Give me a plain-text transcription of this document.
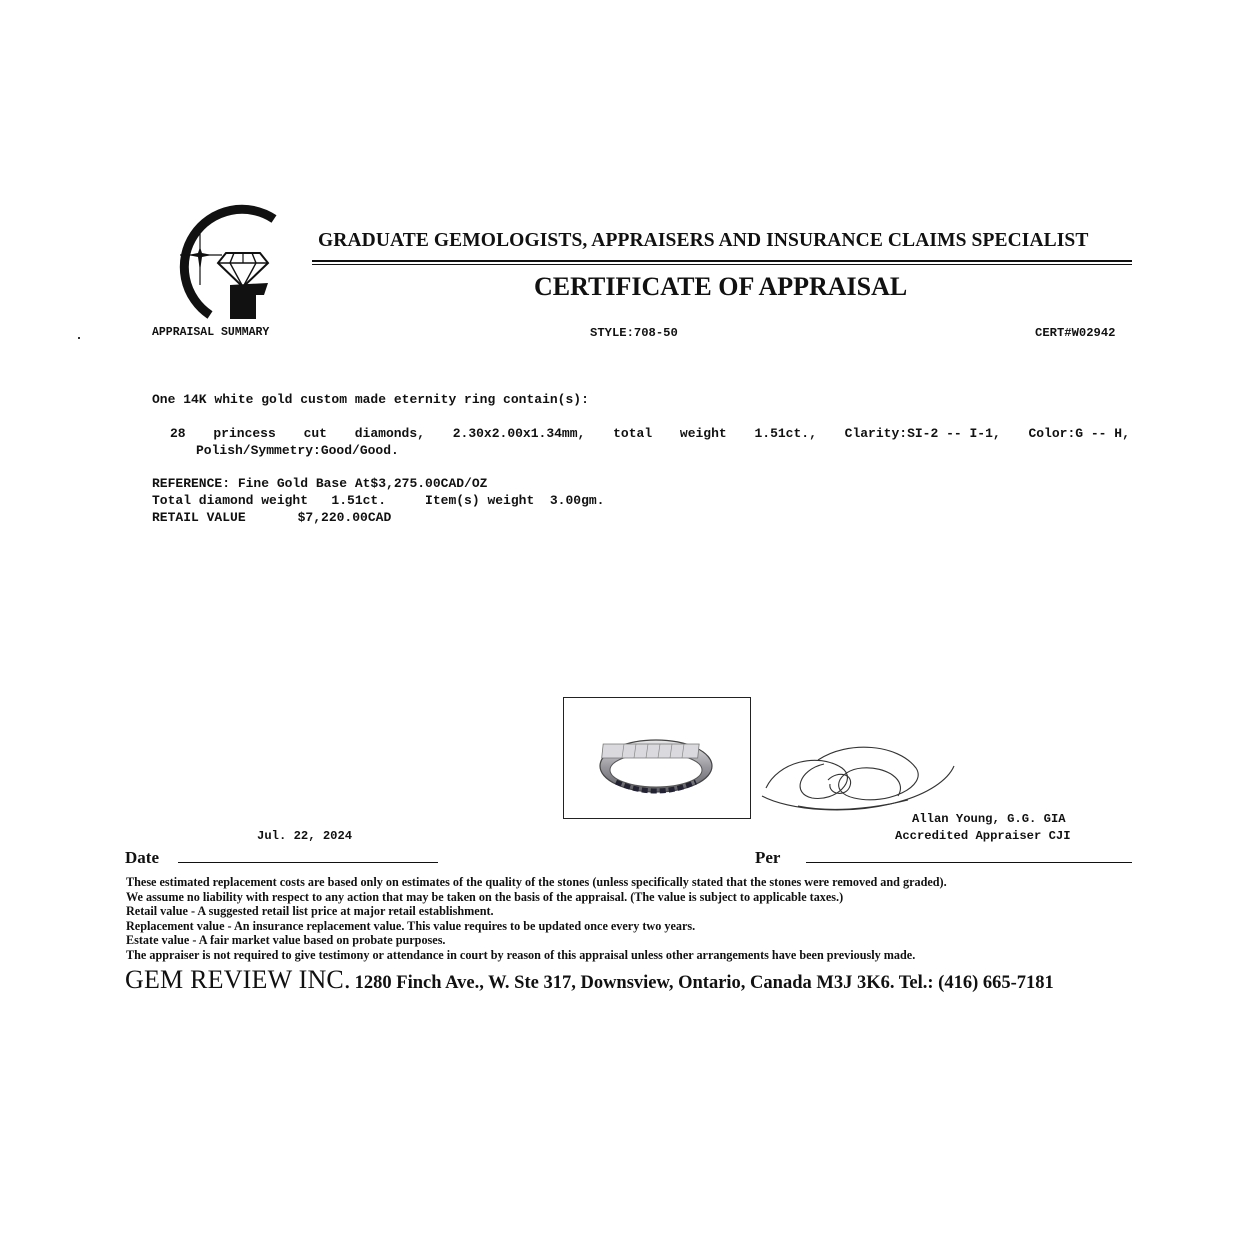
GRADUATE GEMOLOGISTS, APPRAISERS AND INSURANCE CLAIMS SPECIALIST
CERTIFICATE OF APPRAISAL
APPRAISAL SUMMARY	STYLE:708-50	CERT#W02942
One 14K white gold custom made eternity ring contain(s):
28 princess cut diamonds, 2.30x2.00x1.34mm, total weight 1.51ct., Clarity:SI-2 -- I-1, Color:G -- H,
Polish/Symmetry:Good/Good.
REFERENCE: Fine Gold Base At$3,275.00CAD/OZ
Total diamond weight   1.51ct.     Item(s) weight  3.00gm.
RETAIL VALUE	$7,220.00CAD
Allan Young, G.G. GIA
Accredited Appraiser CJI
Jul. 22, 2024
Date	Per
These estimated replacement costs are based only on estimates of the quality of the stones (unless specifically stated that the stones were removed and graded).
We assume no liability with respect to any action that may be taken on the basis of the appraisal. (The value is subject to applicable taxes.)
Retail value - A suggested retail list price at major retail establishment.
Replacement value - An insurance replacement value. This value requires to be updated once every two years.
Estate value - A fair market value based on probate purposes.
The appraiser is not required to give testimony or attendance in court by reason of this appraisal unless other arrangements have been previously made.
GEM REVIEW INC. 1280 Finch Ave., W. Ste 317, Downsview, Ontario, Canada M3J 3K6. Tel.: (416) 665-7181
